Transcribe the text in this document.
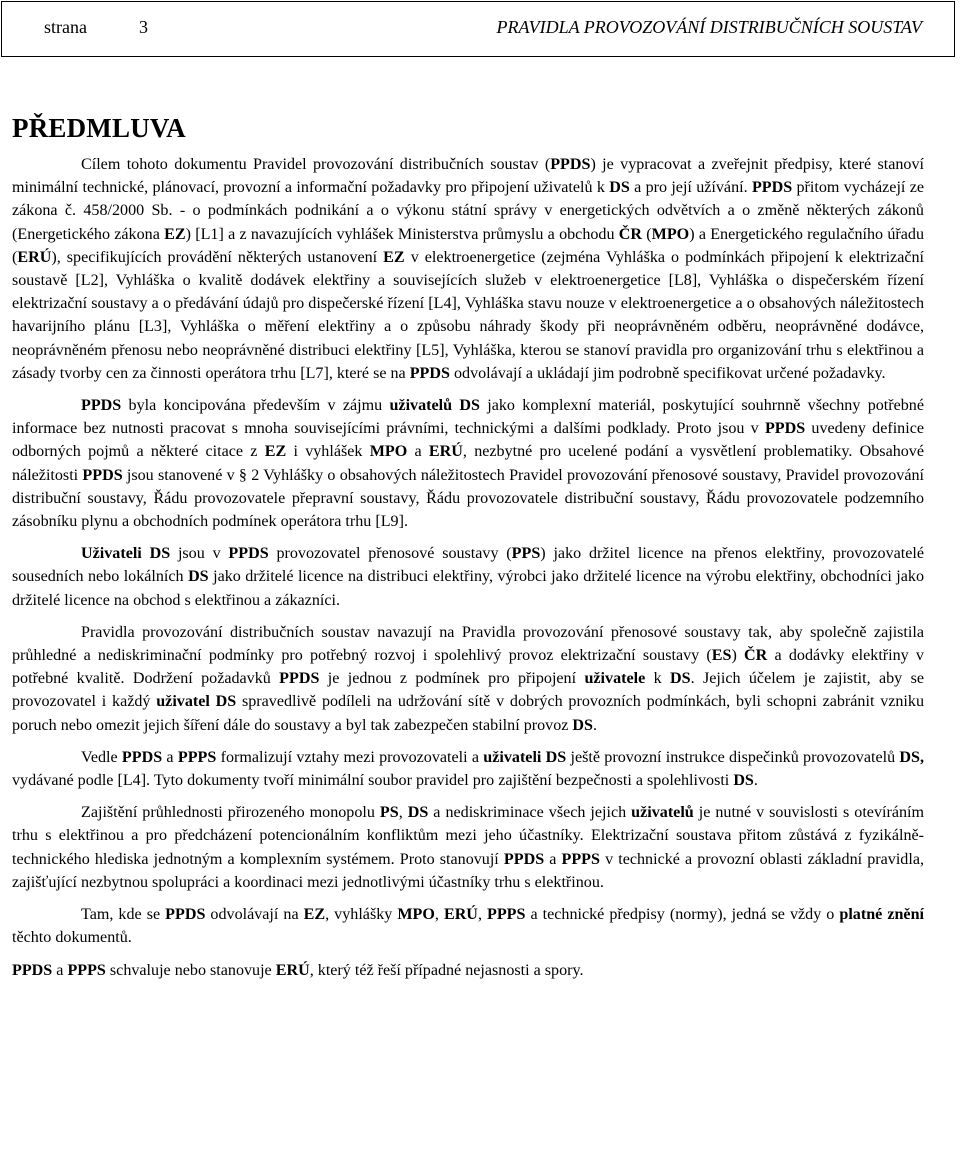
strana	3	PRAVIDLA PROVOZOVÁNÍ DISTRIBUČNÍCH SOUSTAV
PŘEDMLUVA
Cílem tohoto dokumentu Pravidel provozování distribučních soustav (PPDS) je vypracovat a zveřejnit předpisy, které stanoví minimální technické, plánovací, provozní a informační požadavky pro připojení uživatelů k DS a pro její užívání. PPDS přitom vycházejí ze zákona č. 458/2000 Sb. - o podmínkách podnikání a o výkonu státní správy v energetických odvětvích a o změně některých zákonů (Energetického zákona EZ) [L1] a z navazujících vyhlášek Ministerstva průmyslu a obchodu ČR (MPO) a Energetického regulačního úřadu (ERÚ), specifikujících provádění některých ustanovení EZ v elektroenergetice (zejména Vyhláška o podmínkách připojení k elektrizační soustavě [L2], Vyhláška o kvalitě dodávek elektřiny a souvisejících služeb v elektroenergetice [L8], Vyhláška o dispečerském řízení elektrizační soustavy a o předávání údajů pro dispečerské řízení [L4], Vyhláška stavu nouze v elektroenergetice a o obsahových náležitostech havarijního plánu [L3], Vyhláška o měření elektřiny a o způsobu náhrady škody při neoprávněném odběru, neoprávněné dodávce, neoprávněném přenosu nebo neoprávněné distribuci elektřiny [L5], Vyhláška, kterou se stanoví pravidla pro organizování trhu s elektřinou a zásady tvorby cen za činnosti operátora trhu [L7], které se na PPDS odvolávají a ukládají jim podrobně specifikovat určené požadavky.
PPDS byla koncipována především v zájmu uživatelů DS jako komplexní materiál, poskytující souhrnně všechny potřebné informace bez nutnosti pracovat s mnoha souvisejícími právními, technickými a dalšími podklady. Proto jsou v PPDS uvedeny definice odborných pojmů a některé citace z EZ i vyhlášek MPO a ERÚ, nezbytné pro ucelené podání a vysvětlení problematiky. Obsahové náležitosti PPDS jsou stanovené v § 2 Vyhlášky o obsahových náležitostech Pravidel provozování přenosové soustavy, Pravidel provozování distribuční soustavy, Řádu provozovatele přepravní soustavy, Řádu provozovatele distribuční soustavy, Řádu provozovatele podzemního zásobníku plynu a obchodních podmínek operátora trhu [L9].
Uživateli DS jsou v PPDS provozovatel přenosové soustavy (PPS) jako držitel licence na přenos elektřiny, provozovatelé sousedních nebo lokálních DS jako držitelé licence na distribuci elektřiny, výrobci jako držitelé licence na výrobu elektřiny, obchodníci jako držitelé licence na obchod s elektřinou a zákazníci.
Pravidla provozování distribučních soustav navazují na Pravidla provozování přenosové soustavy tak, aby společně zajistila průhledné a nediskriminační podmínky pro potřebný rozvoj i spolehlivý provoz elektrizační soustavy (ES) ČR a dodávky elektřiny v potřebné kvalitě. Dodržení požadavků PPDS je jednou z podmínek pro připojení uživatele k DS. Jejich účelem je zajistit, aby se provozovatel i každý uživatel DS spravedlivě podíleli na udržování sítě v dobrých provozních podmínkách, byli schopni zabránit vzniku poruch nebo omezit jejich šíření dále do soustavy a byl tak zabezpečen stabilní provoz DS.
Vedle PPDS a PPPS formalizují vztahy mezi provozovateli a uživateli DS ještě provozní instrukce dispečinků provozovatelů DS, vydávané podle [L4]. Tyto dokumenty tvoří minimální soubor pravidel pro zajištění bezpečnosti a spolehlivosti DS.
Zajištění průhlednosti přirozeného monopolu PS, DS a nediskriminace všech jejich uživatelů je nutné v souvislosti s otevíráním trhu s elektřinou a pro předcházení potencionálním konfliktům mezi jeho účastníky. Elektrizační soustava přitom zůstává z fyzikálně-technického hlediska jednotným a komplexním systémem. Proto stanovují PPDS a PPPS v technické a provozní oblasti základní pravidla, zajišťující nezbytnou spolupráci a koordinaci mezi jednotlivými účastníky trhu s elektřinou.
Tam, kde se PPDS odvolávají na EZ, vyhlášky MPO, ERÚ, PPPS a technické předpisy (normy), jedná se vždy o platné znění těchto dokumentů.
PPDS a PPPS schvaluje nebo stanovuje ERÚ, který též řeší případné nejasnosti a spory.
